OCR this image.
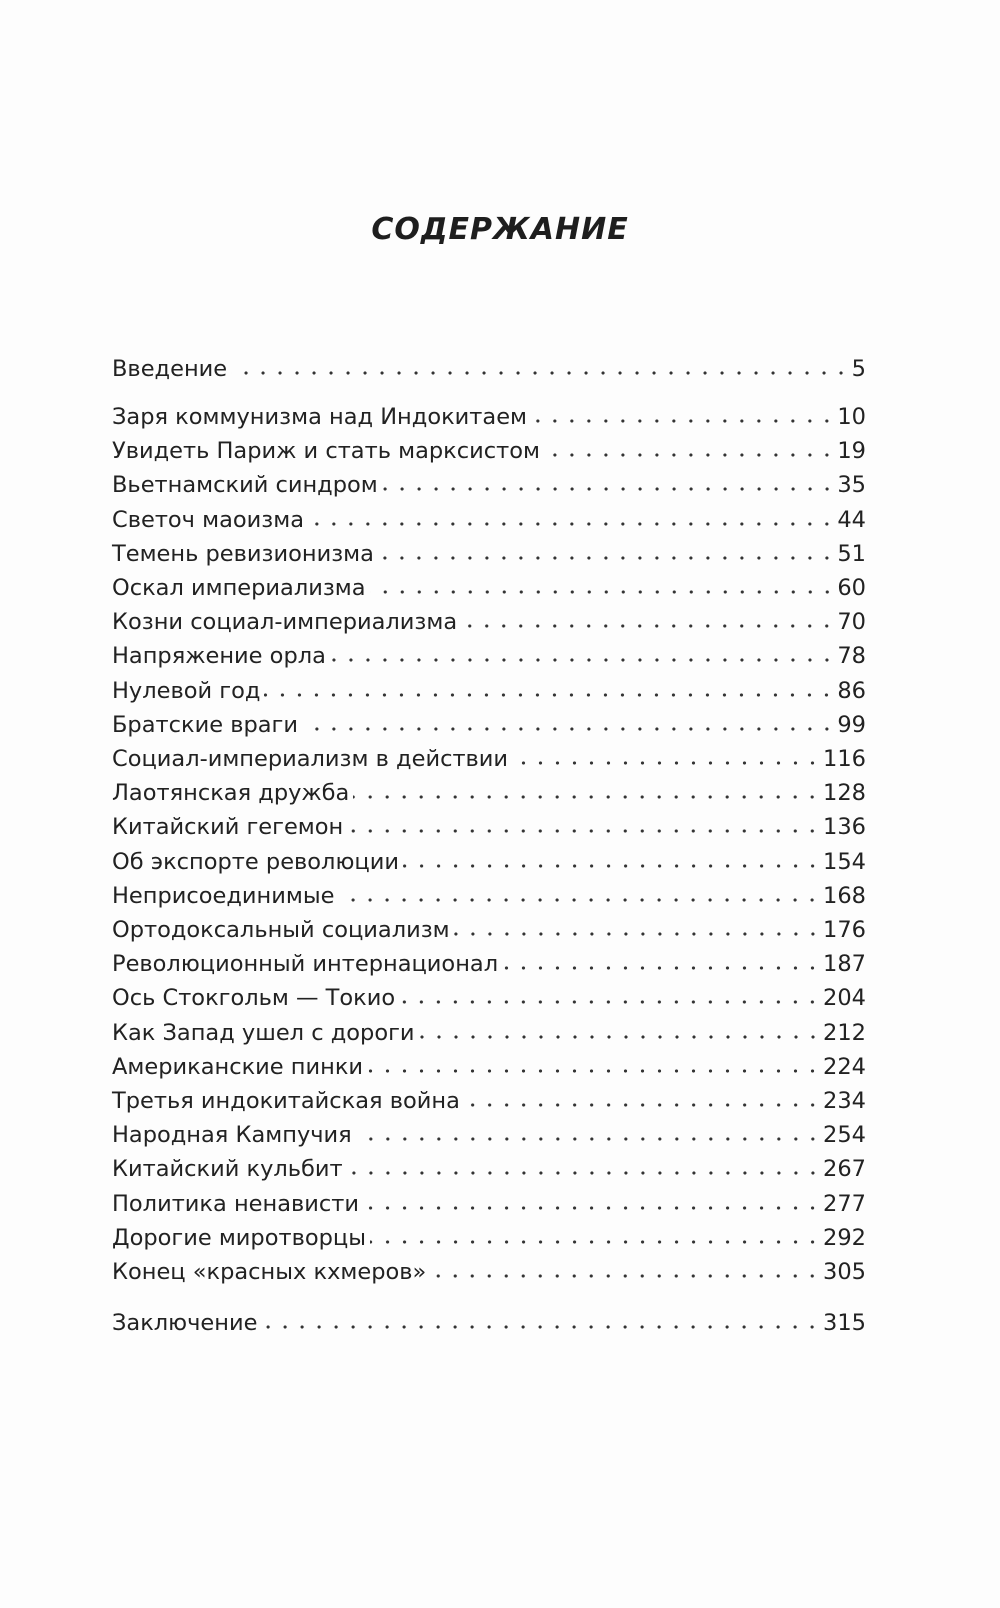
СОДЕРЖАНИЕ
Введение	5
Заря коммунизма над Индокитаем	10
Увидеть Париж и стать марксистом	19
Вьетнамский синдром	35
Светоч маоизма	44
Темень ревизионизма	51
Оскал империализма	60
Козни социал-империализма	70
Напряжение орла	78
Нулевой год	86
Братские враги	99
Социал-империализм в действии	116
Лаотянская дружба	128
Китайский гегемон	136
Об экспорте революции	154
Неприсоединимые	168
Ортодоксальный социализм	176
Революционный интернационал	187
Ось Стокгольм — Токио	204
Как Запад ушел с дороги	212
Американские пинки	224
Третья индокитайская война	234
Народная Кампучия	254
Китайский кульбит	267
Политика ненависти	277
Дорогие миротворцы	292
Конец «красных кхмеров»	305
Заключение	315
